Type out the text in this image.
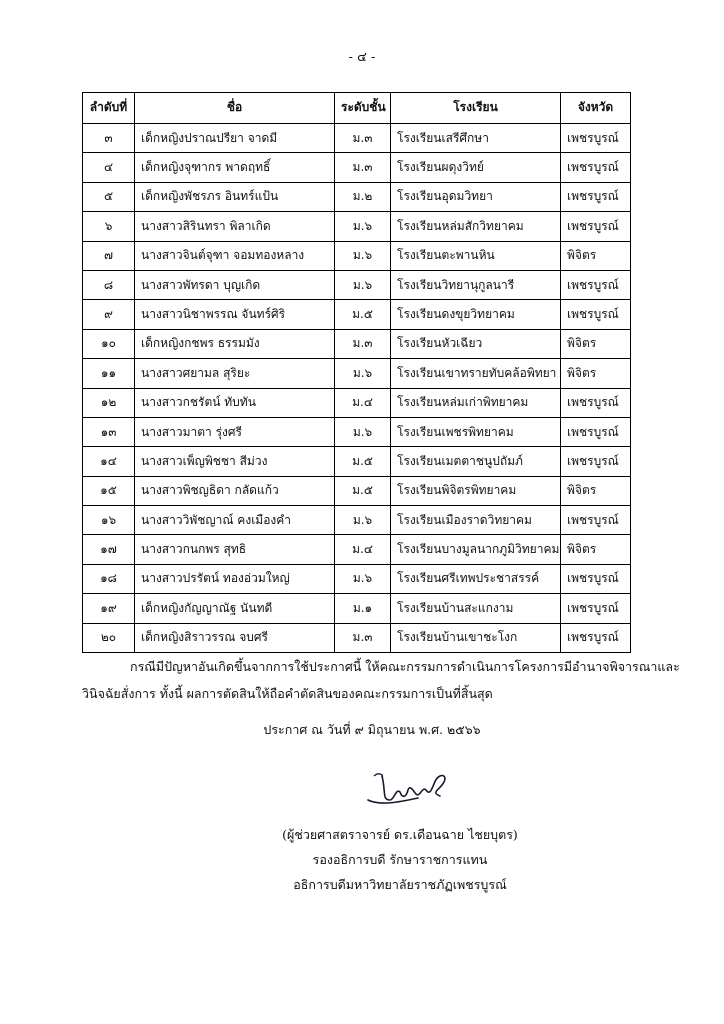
- ๔ -
ลำดับที่	ชื่อ	ระดับชั้น	โรงเรียน	จังหวัด
๓	เด็กหญิงปราณปรียา จาดมี	ม.๓	โรงเรียนเสรีศึกษา	เพชรบูรณ์
๔	เด็กหญิงจุฑากร พาดฤทธิ์	ม.๓	โรงเรียนผดุงวิทย์	เพชรบูรณ์
๕	เด็กหญิงพัชรภร อินทร์แป้น	ม.๒	โรงเรียนอุดมวิทยา	เพชรบูรณ์
๖	นางสาวสิรินทรา พิลาเกิด	ม.๖	โรงเรียนหล่มสักวิทยาคม	เพชรบูรณ์
๗	นางสาวจินต์จุฑา จอมทองหลาง	ม.๖	โรงเรียนตะพานหิน	พิจิตร
๘	นางสาวพัทรดา บุญเกิด	ม.๖	โรงเรียนวิทยานุกูลนารี	เพชรบูรณ์
๙	นางสาวนิชาพรรณ จันทร์ศิริ	ม.๕	โรงเรียนดงขุยวิทยาคม	เพชรบูรณ์
๑๐	เด็กหญิงกชพร ธรรมมัง	ม.๓	โรงเรียนหัวเฉียว	พิจิตร
๑๑	นางสาวศยามล สุริยะ	ม.๖	โรงเรียนเขาทรายทับคล้อพิทยา	พิจิตร
๑๒	นางสาวกชรัตน์ ทับทัน	ม.๔	โรงเรียนหล่มเก่าพิทยาคม	เพชรบูรณ์
๑๓	นางสาวมาตา รุ่งศรี	ม.๖	โรงเรียนเพชรพิทยาคม	เพชรบูรณ์
๑๔	นางสาวเพ็ญพิชชา สีม่วง	ม.๕	โรงเรียนเมตตาชนูปถัมภ์	เพชรบูรณ์
๑๕	นางสาวพิชญธิดา กลัดแก้ว	ม.๕	โรงเรียนพิจิตรพิทยาคม	พิจิตร
๑๖	นางสาววิพัชญาณ์ คงเมืองคำ	ม.๖	โรงเรียนเมืองราดวิทยาคม	เพชรบูรณ์
๑๗	นางสาวกนกพร สุทธิ	ม.๔	โรงเรียนบางมูลนากภูมิวิทยาคม	พิจิตร
๑๘	นางสาวปรรัตน์ ทองอ่วมใหญ่	ม.๖	โรงเรียนศรีเทพประชาสรรค์	เพชรบูรณ์
๑๙	เด็กหญิงกัญญาณัฐ นันทดี	ม.๑	โรงเรียนบ้านสะแกงาม	เพชรบูรณ์
๒๐	เด็กหญิงสิราวรรณ จบศรี	ม.๓	โรงเรียนบ้านเขาชะโงก	เพชรบูรณ์

กรณีมีปัญหาอันเกิดขึ้นจากการใช้ประกาศนี้ ให้คณะกรรมการดำเนินการโครงการมีอำนาจพิจารณาและ

วินิจฉัยสั่งการ ทั้งนี้ ผลการตัดสินให้ถือคำตัดสินของคณะกรรมการเป็นที่สิ้นสุด

ประกาศ ณ วันที่ ๙ มิถุนายน พ.ศ. ๒๕๖๖
(ผู้ช่วยศาสตราจารย์ ดร.เดือนฉาย ไชยบุตร)
รองอธิการบดี รักษาราชการแทน
อธิการบดีมหาวิทยาลัยราชภัฏเพชรบูรณ์
